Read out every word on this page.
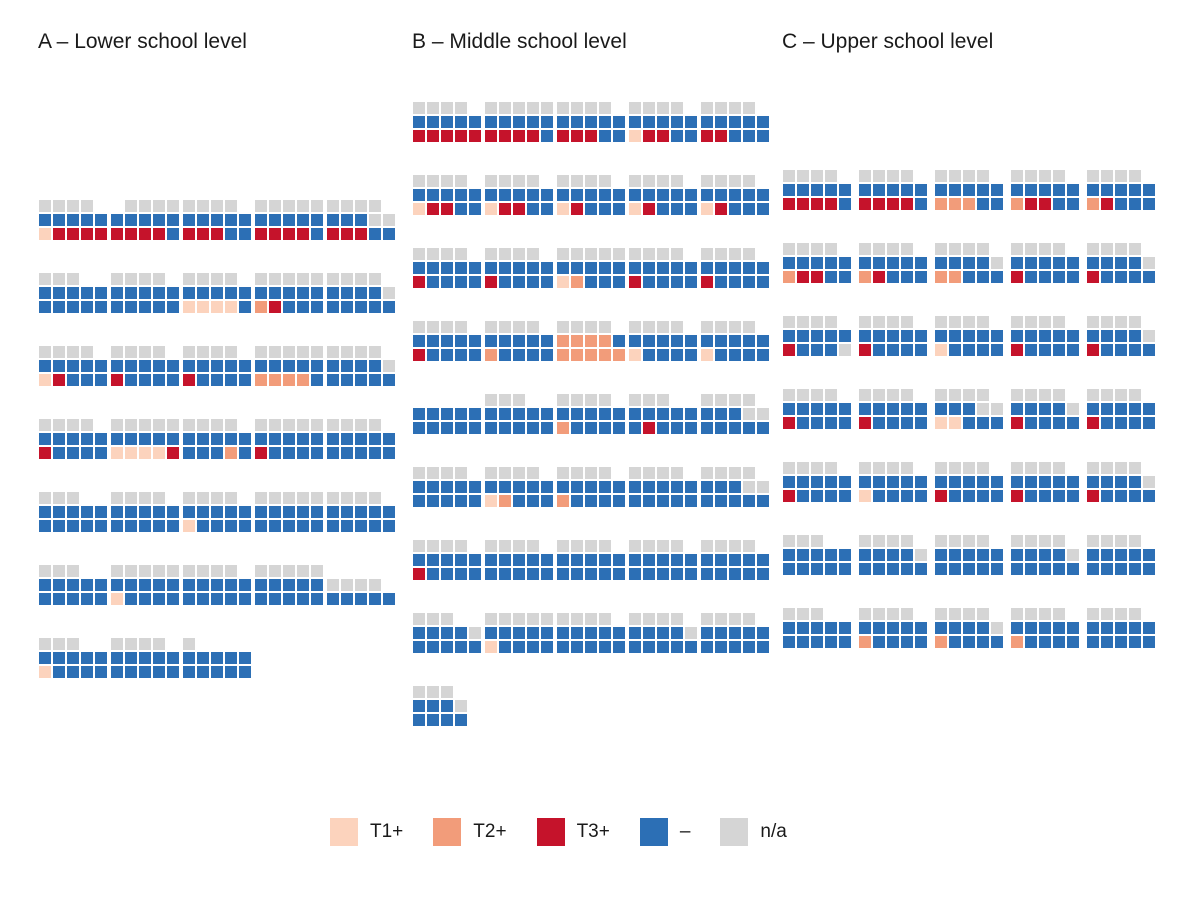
A – Lower school level	B – Middle school level	C – Upper school level
T1+	T2+	T3+	–	n/a
